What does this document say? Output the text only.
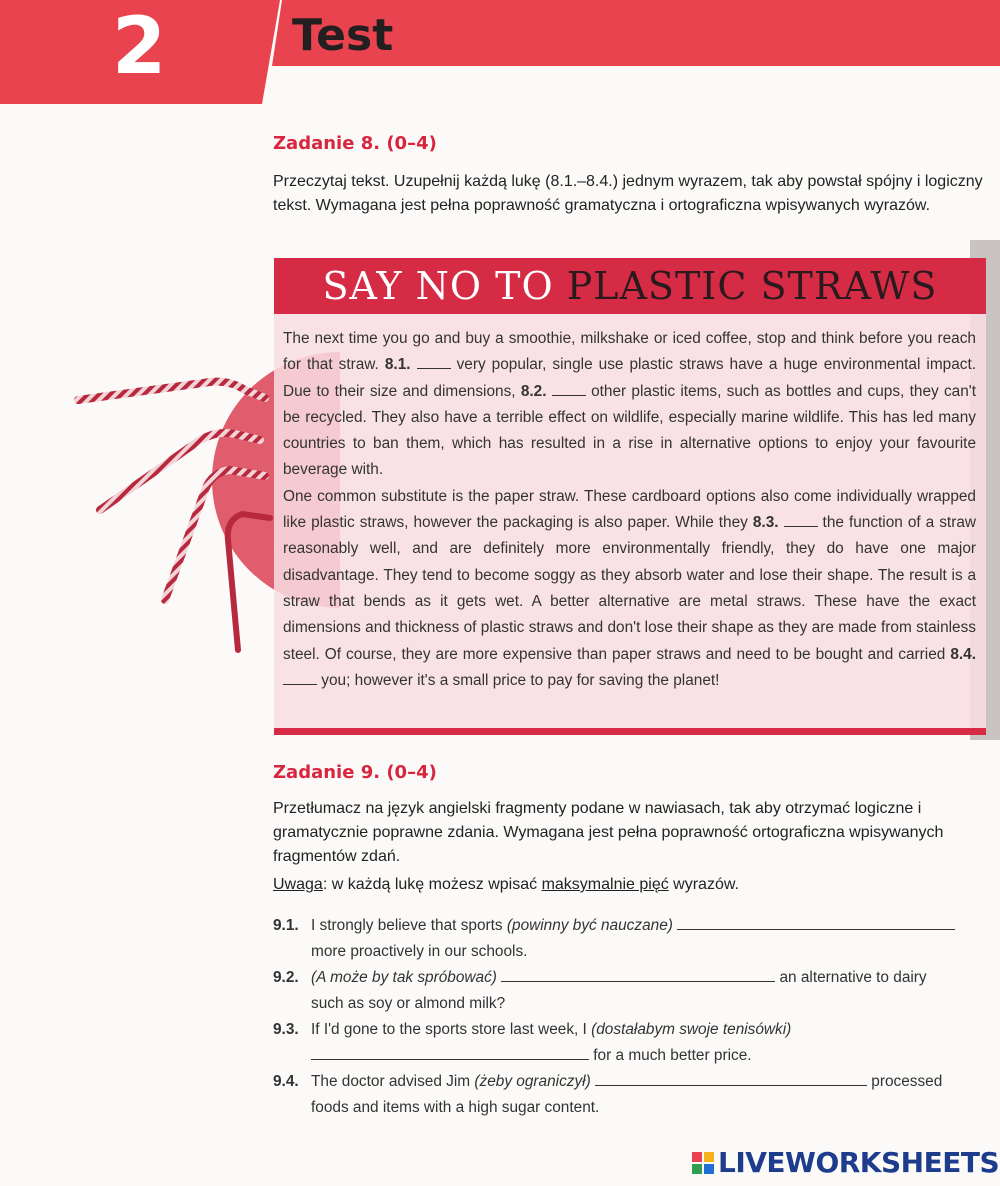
2	Test
Zadanie 8. (0–4)
Przeczytaj tekst. Uzupełnij każdą lukę (8.1.–8.4.) jednym wyrazem, tak aby powstał spójny i logiczny tekst. Wymagana jest pełna poprawność gramatyczna i ortograficzna wpisywanych wyrazów.
SAY NO TO PLASTIC STRAWS

The next time you go and buy a smoothie, milkshake or iced coffee, stop and think before you reach for that straw. 8.1.	very popular, single use plastic straws have a huge environmental impact. Due to their size and dimensions, 8.2.	other plastic items, such as bottles and cups, they can't be recycled. They also have a terrible effect on wildlife, especially marine wildlife. This has led many countries to ban them, which has resulted in a rise in alternative options to enjoy your favourite beverage with.

One common substitute is the paper straw. These cardboard options also come individually wrapped like plastic straws, however the packaging is also paper. While they 8.3.	the function of a straw reasonably well, and are definitely more environmentally friendly, they do have one major disadvantage. They tend to become soggy as they absorb water and lose their shape. The result is a straw that bends as it gets wet. A better alternative are metal straws. These have the exact dimensions and thickness of plastic straws and don't lose their shape as they are made from stainless steel. Of course, they are more expensive than paper straws and need to be bought and carried 8.4.  you; however it's a small price to pay for saving the planet!

Zadanie 9. (0–4)
Przetłumacz na język angielski fragmenty podane w nawiasach, tak aby otrzymać logiczne i gramatycznie poprawne zdania. Wymagana jest pełna poprawność ortograficzna wpisywanych fragmentów zdań.
Uwaga: w każdą lukę możesz wpisać maksymalnie pięć wyrazów.
9.1. I strongly believe that sports (powinny być nauczane)
more proactively in our schools.
9.2. (A może by tak spróbować)	an alternative to dairy
such as soy or almond milk?
9.3. If I'd gone to the sports store last week, I (dostałabym swoje tenisówki)
for a much better price.
9.4. The doctor advised Jim (żeby ograniczył)	processed
foods and items with a high sugar content.
LIVEWORKSHEETS
